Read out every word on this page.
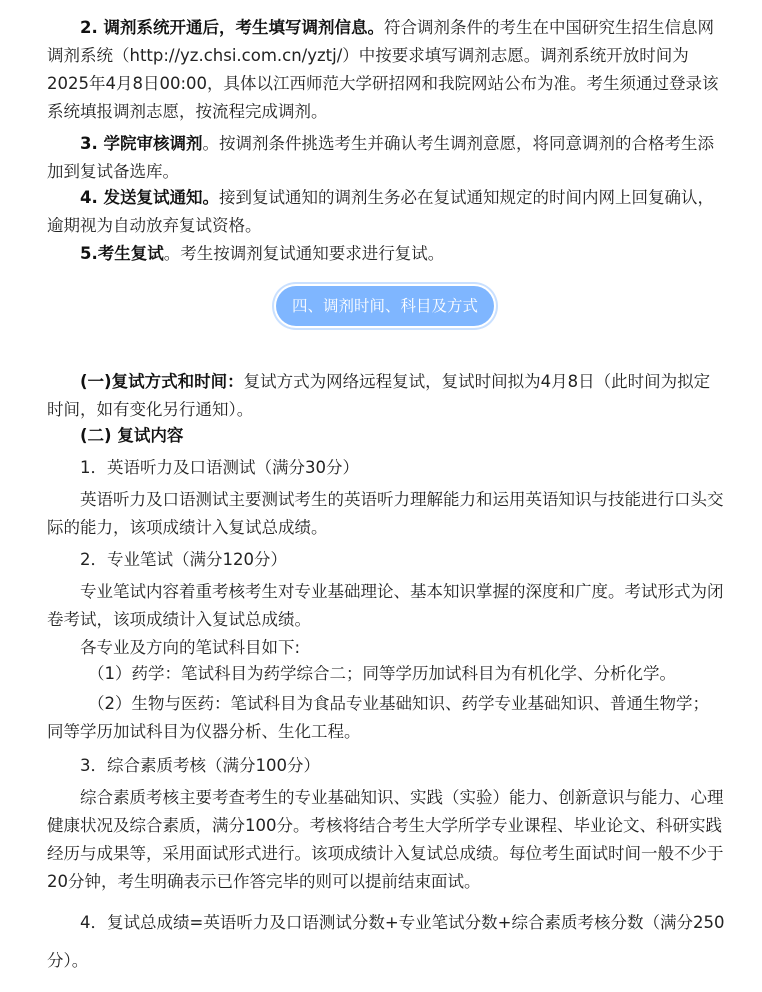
2. 调剂系统开通后，考生填写调剂信息。符合调剂条件的考生在中国研究生招生信息网调剂系统（http://yz.chsi.com.cn/yztj/）中按要求填写调剂志愿。调剂系统开放时间为2025年4月8日00:00，具体以江西师范大学研招网和我院网站公布为准。考生须通过登录该系统填报调剂志愿，按流程完成调剂。

3. 学院审核调剂。按调剂条件挑选考生并确认考生调剂意愿，将同意调剂的合格考生添加到复试备选库。

4. 发送复试通知。接到复试通知的调剂生务必在复试通知规定的时间内网上回复确认，逾期视为自动放弃复试资格。

5.考生复试。考生按调剂复试通知要求进行复试。

四、调剂时间、科目及方式

(一)复试方式和时间：复试方式为网络远程复试，复试时间拟为4月8日（此时间为拟定时间，如有变化另行通知）。

(二) 复试内容

1．英语听力及口语测试（满分30分）

英语听力及口语测试主要测试考生的英语听力理解能力和运用英语知识与技能进行口头交际的能力，该项成绩计入复试总成绩。

2．专业笔试（满分120分）

专业笔试内容着重考核考生对专业基础理论、基本知识掌握的深度和广度。考试形式为闭卷考试，该项成绩计入复试总成绩。

各专业及方向的笔试科目如下:

（1）药学：笔试科目为药学综合二；同等学历加试科目为有机化学、分析化学。

（2）生物与医药：笔试科目为食品专业基础知识、药学专业基础知识、普通生物学；同等学历加试科目为仪器分析、生化工程。

3．综合素质考核（满分100分）

综合素质考核主要考查考生的专业基础知识、实践（实验）能力、创新意识与能力、心理健康状况及综合素质，满分100分。考核将结合考生大学所学专业课程、毕业论文、科研实践经历与成果等，采用面试形式进行。该项成绩计入复试总成绩。每位考生面试时间一般不少于20分钟，考生明确表示已作答完毕的则可以提前结束面试。

4．复试总成绩=英语听力及口语测试分数+专业笔试分数+综合素质考核分数（满分250分）。
